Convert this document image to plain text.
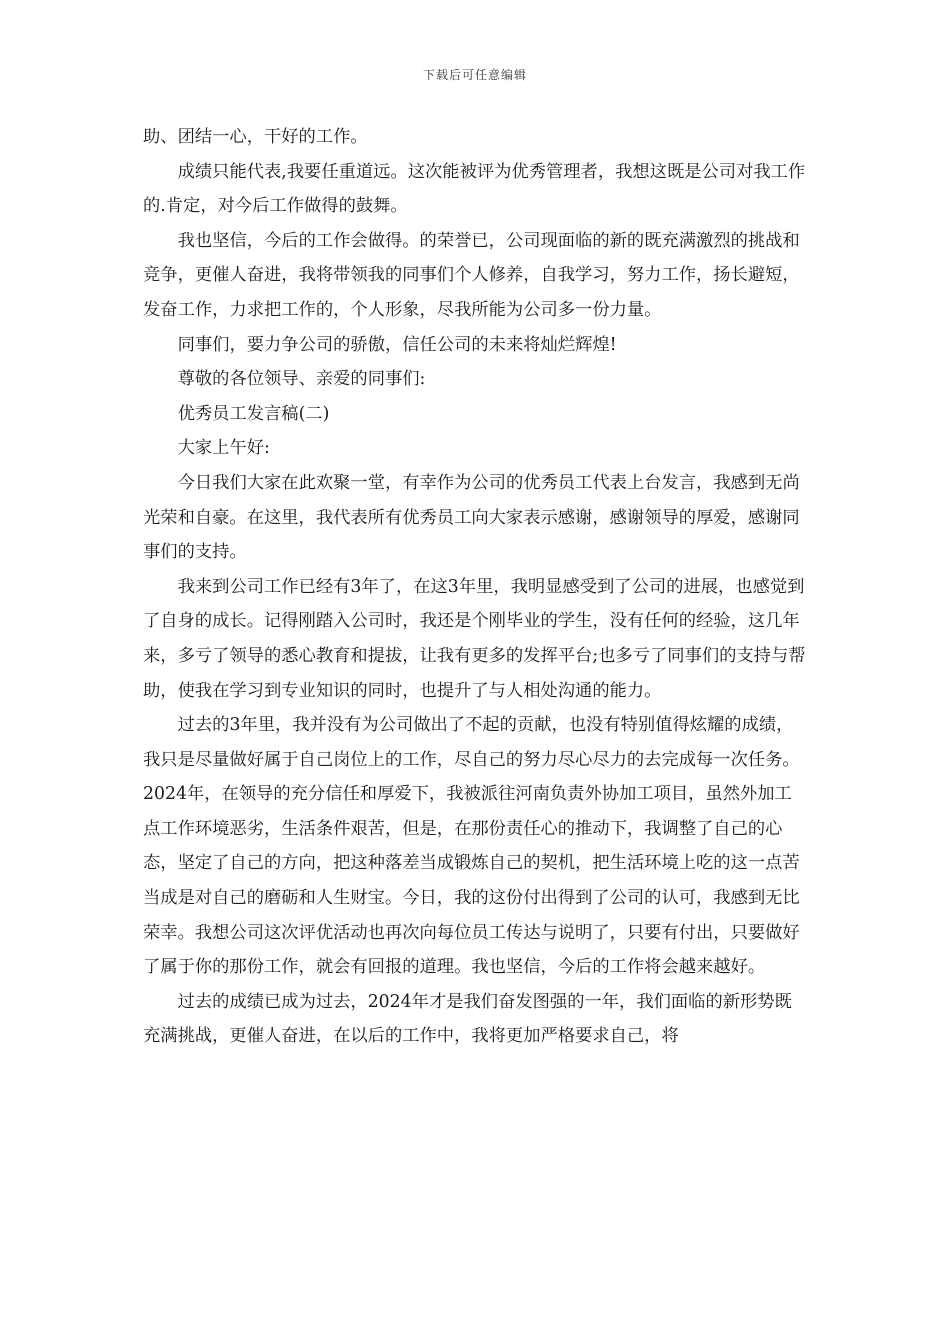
下载后可任意编辑

助、团结一心，干好的工作。

成绩只能代表,我要任重道远。这次能被评为优秀管理者，我想这既是公司对我工作的.肯定，对今后工作做得的鼓舞。

我也坚信，今后的工作会做得。的荣誉已，公司现面临的新的既充满激烈的挑战和竞争，更催人奋进，我将带领我的同事们个人修养，自我学习，努力工作，扬长避短，发奋工作，力求把工作的，个人形象，尽我所能为公司多一份力量。

同事们，要力争公司的骄傲，信任公司的未来将灿烂辉煌!

尊敬的各位领导、亲爱的同事们:

优秀员工发言稿(二)

大家上午好:

今日我们大家在此欢聚一堂，有幸作为公司的优秀员工代表上台发言，我感到无尚光荣和自豪。在这里，我代表所有优秀员工向大家表示感谢，感谢领导的厚爱，感谢同事们的支持。

我来到公司工作已经有3年了，在这3年里，我明显感受到了公司的进展，也感觉到了自身的成长。记得刚踏入公司时，我还是个刚毕业的学生，没有任何的经验，这几年来，多亏了领导的悉心教育和提拔，让我有更多的发挥平台;也多亏了同事们的支持与帮助，使我在学习到专业知识的同时，也提升了与人相处沟通的能力。

过去的3年里，我并没有为公司做出了不起的贡献，也没有特别值得炫耀的成绩，我只是尽量做好属于自己岗位上的工作，尽自己的努力尽心尽力的去完成每一次任务。2024年，在领导的充分信任和厚爱下，我被派往河南负责外协加工项目，虽然外加工点工作环境恶劣，生活条件艰苦，但是，在那份责任心的推动下，我调整了自己的心态，坚定了自己的方向，把这种落差当成锻炼自己的契机，把生活环境上吃的这一点苦当成是对自己的磨砺和人生财宝。今日，我的这份付出得到了公司的认可，我感到无比荣幸。我想公司这次评优活动也再次向每位员工传达与说明了，只要有付出，只要做好了属于你的那份工作，就会有回报的道理。我也坚信，今后的工作将会越来越好。

过去的成绩已成为过去，2024年才是我们奋发图强的一年，我们面临的新形势既充满挑战，更催人奋进，在以后的工作中，我将更加严格要求自己，将
